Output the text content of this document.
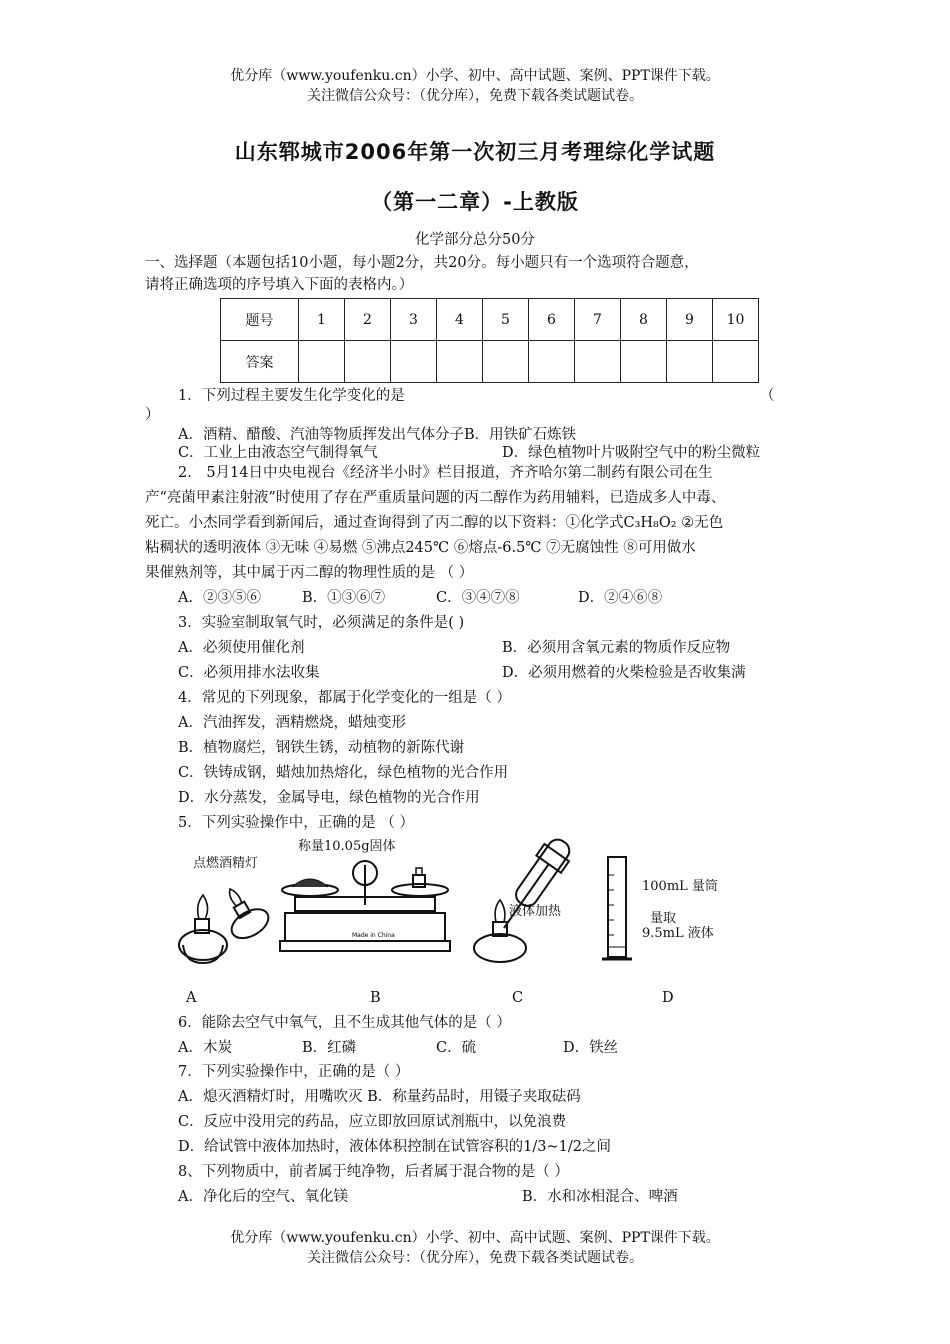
优分库（www.youfenku.cn）小学、初中、高中试题、案例、PPT课件下载。
关注微信公众号：（优分库），免费下载各类试题试卷。
山东郓城市2006年第一次初三月考理综化学试题
（第一二章）-上教版
化学部分总分50分
一、选择题（本题包括10小题，每小题2分，共20分。每小题只有一个选项符合题意，
请将正确选项的序号填入下面的表格内。）
题号	1	2	3	4	5	6	7	8	9	10
答案										
1．下列过程主要发生化学变化的是	（
）
A．酒精、醋酸、汽油等物质挥发出气体分子B．用铁矿石炼铁
C．工业上由液态空气制得氧气	D．绿色植物叶片吸附空气中的粉尘微粒
2． 5月14日中央电视台《经济半小时》栏目报道，齐齐哈尔第二制药有限公司在生
产“亮菌甲素注射液”时使用了存在严重质量问题的丙二醇作为药用辅料，已造成多人中毒、
死亡。小杰同学看到新闻后，通过查询得到了丙二醇的以下资料：①化学式C₃H₈O₂ ②无色
粘稠状的透明液体 ③无味 ④易燃 ⑤沸点245℃ ⑥熔点-6.5℃ ⑦无腐蚀性 ⑧可用做水
果催熟剂等，其中属于丙二醇的物理性质的是 （ ）
A．②③⑤⑥	B．①③⑥⑦	C．③④⑦⑧	D．②④⑥⑧
3．实验室制取氧气时，必须满足的条件是( )
A．必须使用催化剂	B．必须用含氧元素的物质作反应物
C．必须用排水法收集	D．必须用燃着的火柴检验是否收集满
4．常见的下列现象，都属于化学变化的一组是（ ）
A．汽油挥发，酒精燃烧，蜡烛变形
B．植物腐烂，钢铁生锈，动植物的新陈代谢
C．铁铸成钢，蜡烛加热熔化，绿色植物的光合作用
D．水分蒸发，金属导电，绿色植物的光合作用
5．下列实验操作中，正确的是 （ ）
点燃酒精灯
称量10.05g固体
Made in China
液体加热
100mL 量筒
量取
9.5mL 液体
A	B	C	D
6．能除去空气中氧气，且不生成其他气体的是（ ）
A．木炭	B．红磷	C．硫	D．铁丝
7．下列实验操作中，正确的是（ ）
A．熄灭酒精灯时，用嘴吹灭 B．称量药品时，用镊子夹取砝码
C．反应中没用完的药品，应立即放回原试剂瓶中，以免浪费
D．给试管中液体加热时，液体体积控制在试管容积的1/3~1/2之间
8、下列物质中，前者属于纯净物，后者属于混合物的是（ ）
A．净化后的空气、氧化镁	B．水和冰相混合、啤酒
优分库（www.youfenku.cn）小学、初中、高中试题、案例、PPT课件下载。
关注微信公众号：（优分库），免费下载各类试题试卷。
